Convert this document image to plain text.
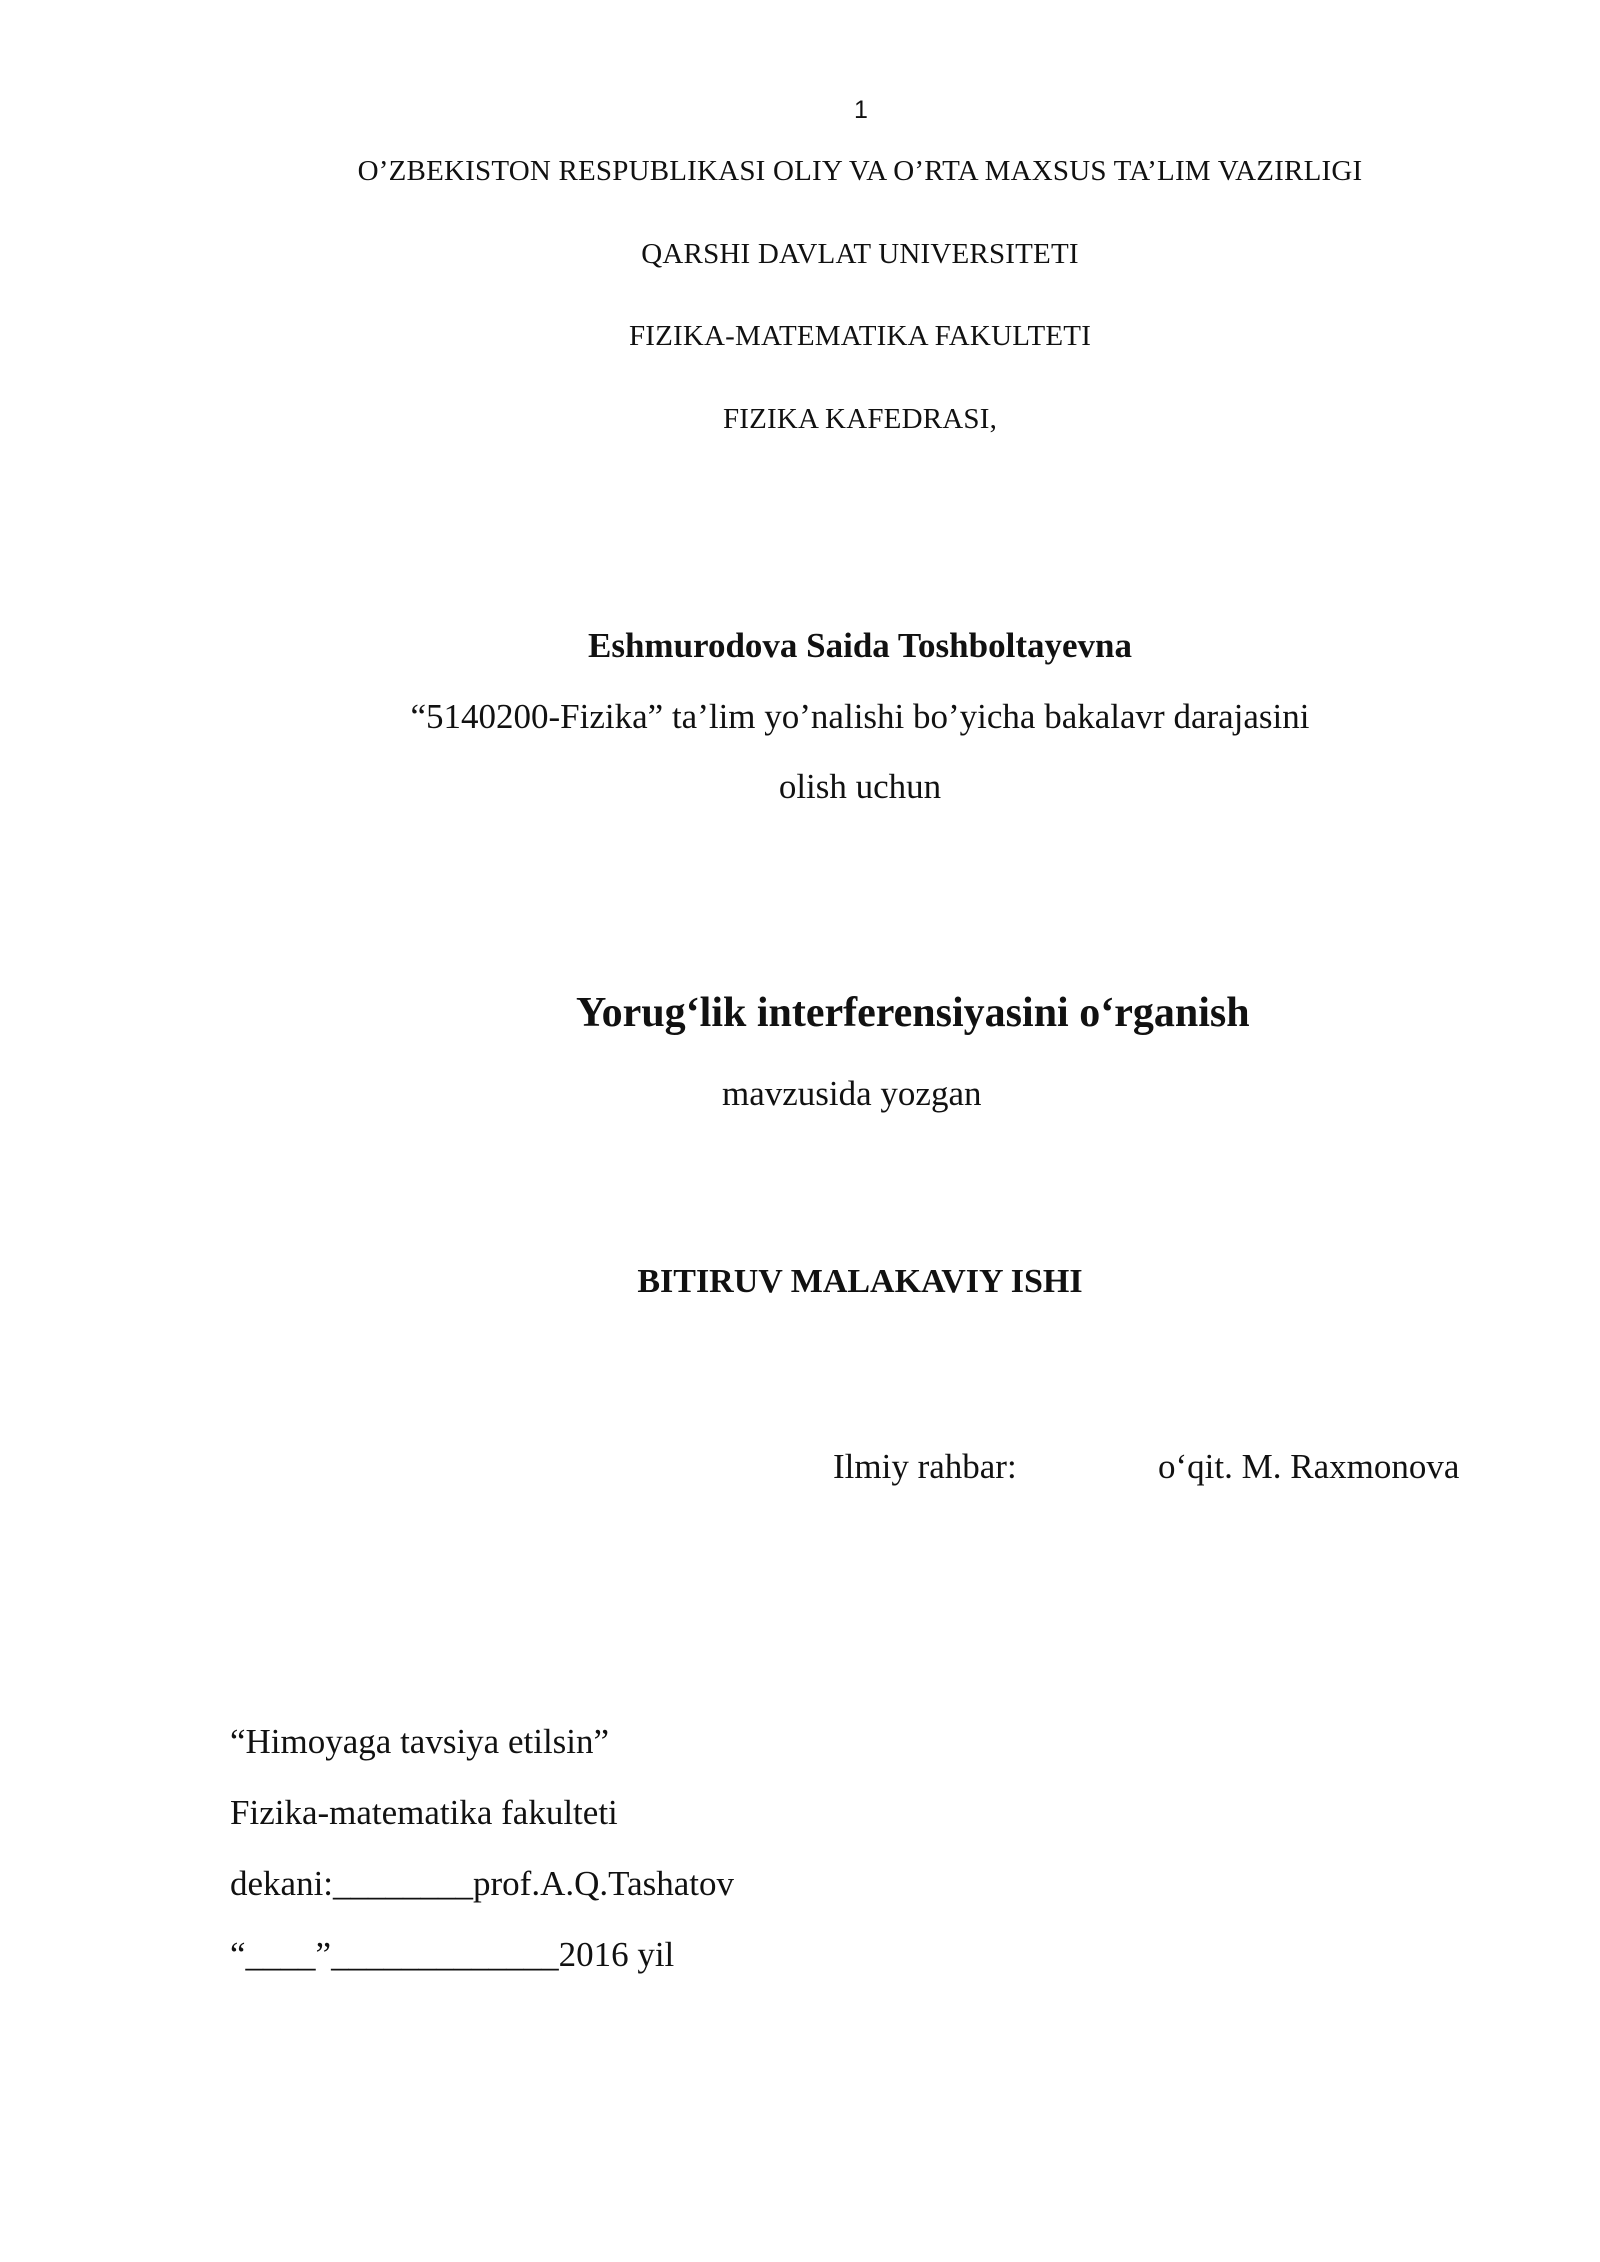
1
O’ZBEKISTON RESPUBLIKASI OLIY VA O’RTA MAXSUS TA’LIM VAZIRLIGI
QARSHI DAVLAT UNIVERSITETI
FIZIKA-MATEMATIKA FAKULTETI
FIZIKA KAFEDRASI,
Eshmurodova Saida Toshboltayevna
“5140200-Fizika” ta’lim yo’nalishi bo’yicha bakalavr darajasini
olish uchun
Yorug‘lik interferensiyasini o‘rganish
mavzusida yozgan
BITIRUV MALAKAVIY ISHI
Ilmiy rahbar:	o‘qit. M. Raxmonova
“Himoyaga tavsiya etilsin”
Fizika-matematika fakulteti
dekani:________prof.A.Q.Tashatov
“____”_____________2016 yil
